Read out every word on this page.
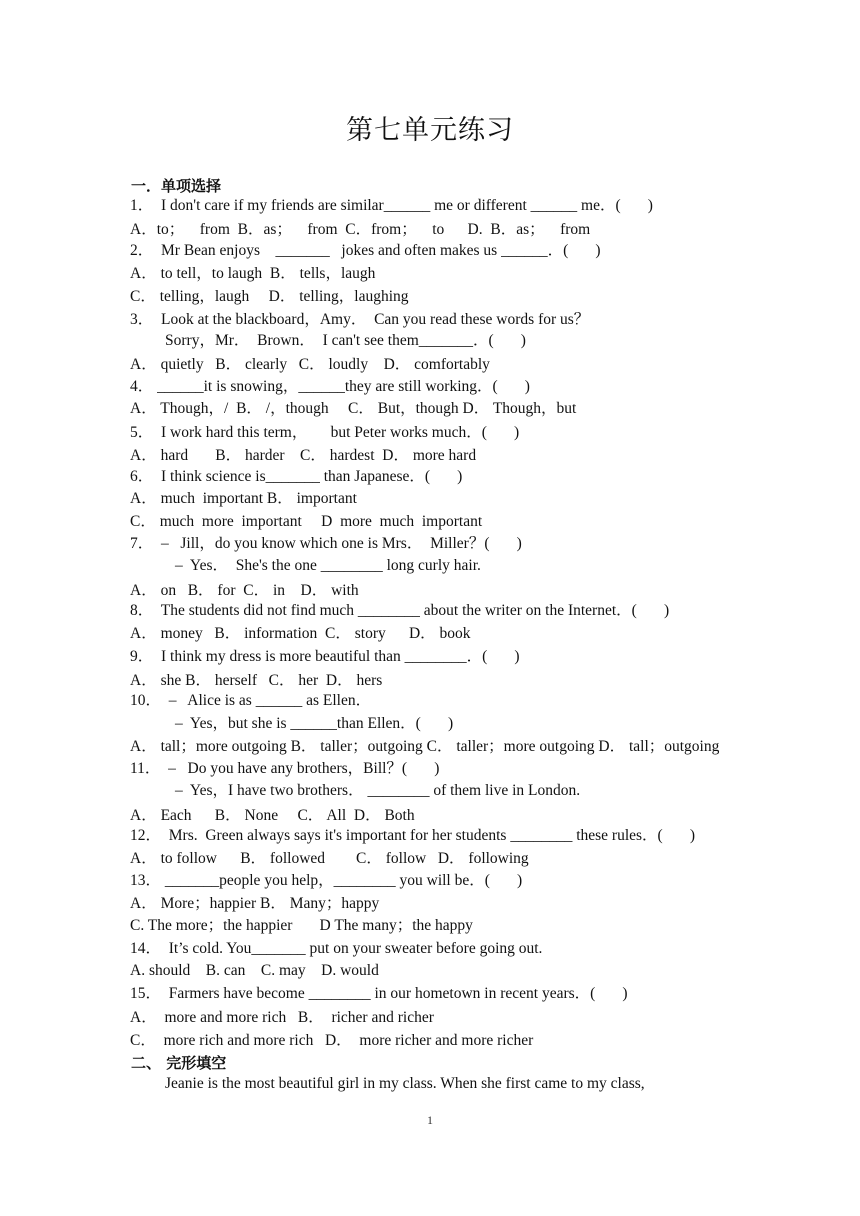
第七单元练习
一．单项选择
1．  I don't care if my friends are similar______ me or different ______ me．(       )
A．to；    from  B．as；    from  C．from；    to      D.  B．as；    from
2．  Mr Bean enjoys    _______   jokes and often makes us ______．(       )
A． to tell，to laugh  B． tells，laugh
C． telling，laugh     D． telling，laughing
3．  Look at the blackboard，Amy．  Can you read these words for us？
Sorry，Mr．  Brown．  I can't see them_______．(       )
A． quietly   B． clearly   C． loudly    D． comfortably
4． ______it is snowing，______they are still working．(       )
A． Though，/  B． /，though     C． But，though D． Though，but
5．  I work hard this term，      but Peter works much．(       )
A． hard       B． harder    C． hardest  D． more hard
6．  I think science is_______ than Japanese．(       )
A． much  important B． important
C． much  more  important     D  more  much  important
7．  –   Jill，do you know which one is Mrs．  Miller？(       )
–  Yes．  She's the one ________ long curly hair.
A． on   B． for  C． in    D． with
8．  The students did not find much ________ about the writer on the Internet．(       )
A． money   B． information  C． story      D． book
9．  I think my dress is more beautiful than ________．(       )
A． she B． herself   C． her  D． hers
10．  –   Alice is as ______ as Ellen．
–  Yes，but she is ______than Ellen．(       )
A． tall；more outgoing B． taller；outgoing C． taller；more outgoing D． tall；outgoing
11．  –   Do you have any brothers，Bill？(       )
–  Yes，I have two brothers． ________ of them live in London.
A． Each      B． None     C． All  D． Both
12．  Mrs.  Green always says it's important for her students ________ these rules．(       )
A． to follow      B． followed        C． follow   D． following
13． _______people you help，________ you will be．(       )
A． More；happier B． Many；happy
C. The more；the happier       D The many；the happy
14．  It’s cold. You_______ put on your sweater before going out.
A. should    B. can    C. may    D. would
15．  Farmers have become ________ in our hometown in recent years．(       )
A．  more and more rich   B．  richer and richer
C．  more rich and more rich   D．  more richer and more richer
二、 完形填空
Jeanie is the most beautiful girl in my class. When she first came to my class,
1
